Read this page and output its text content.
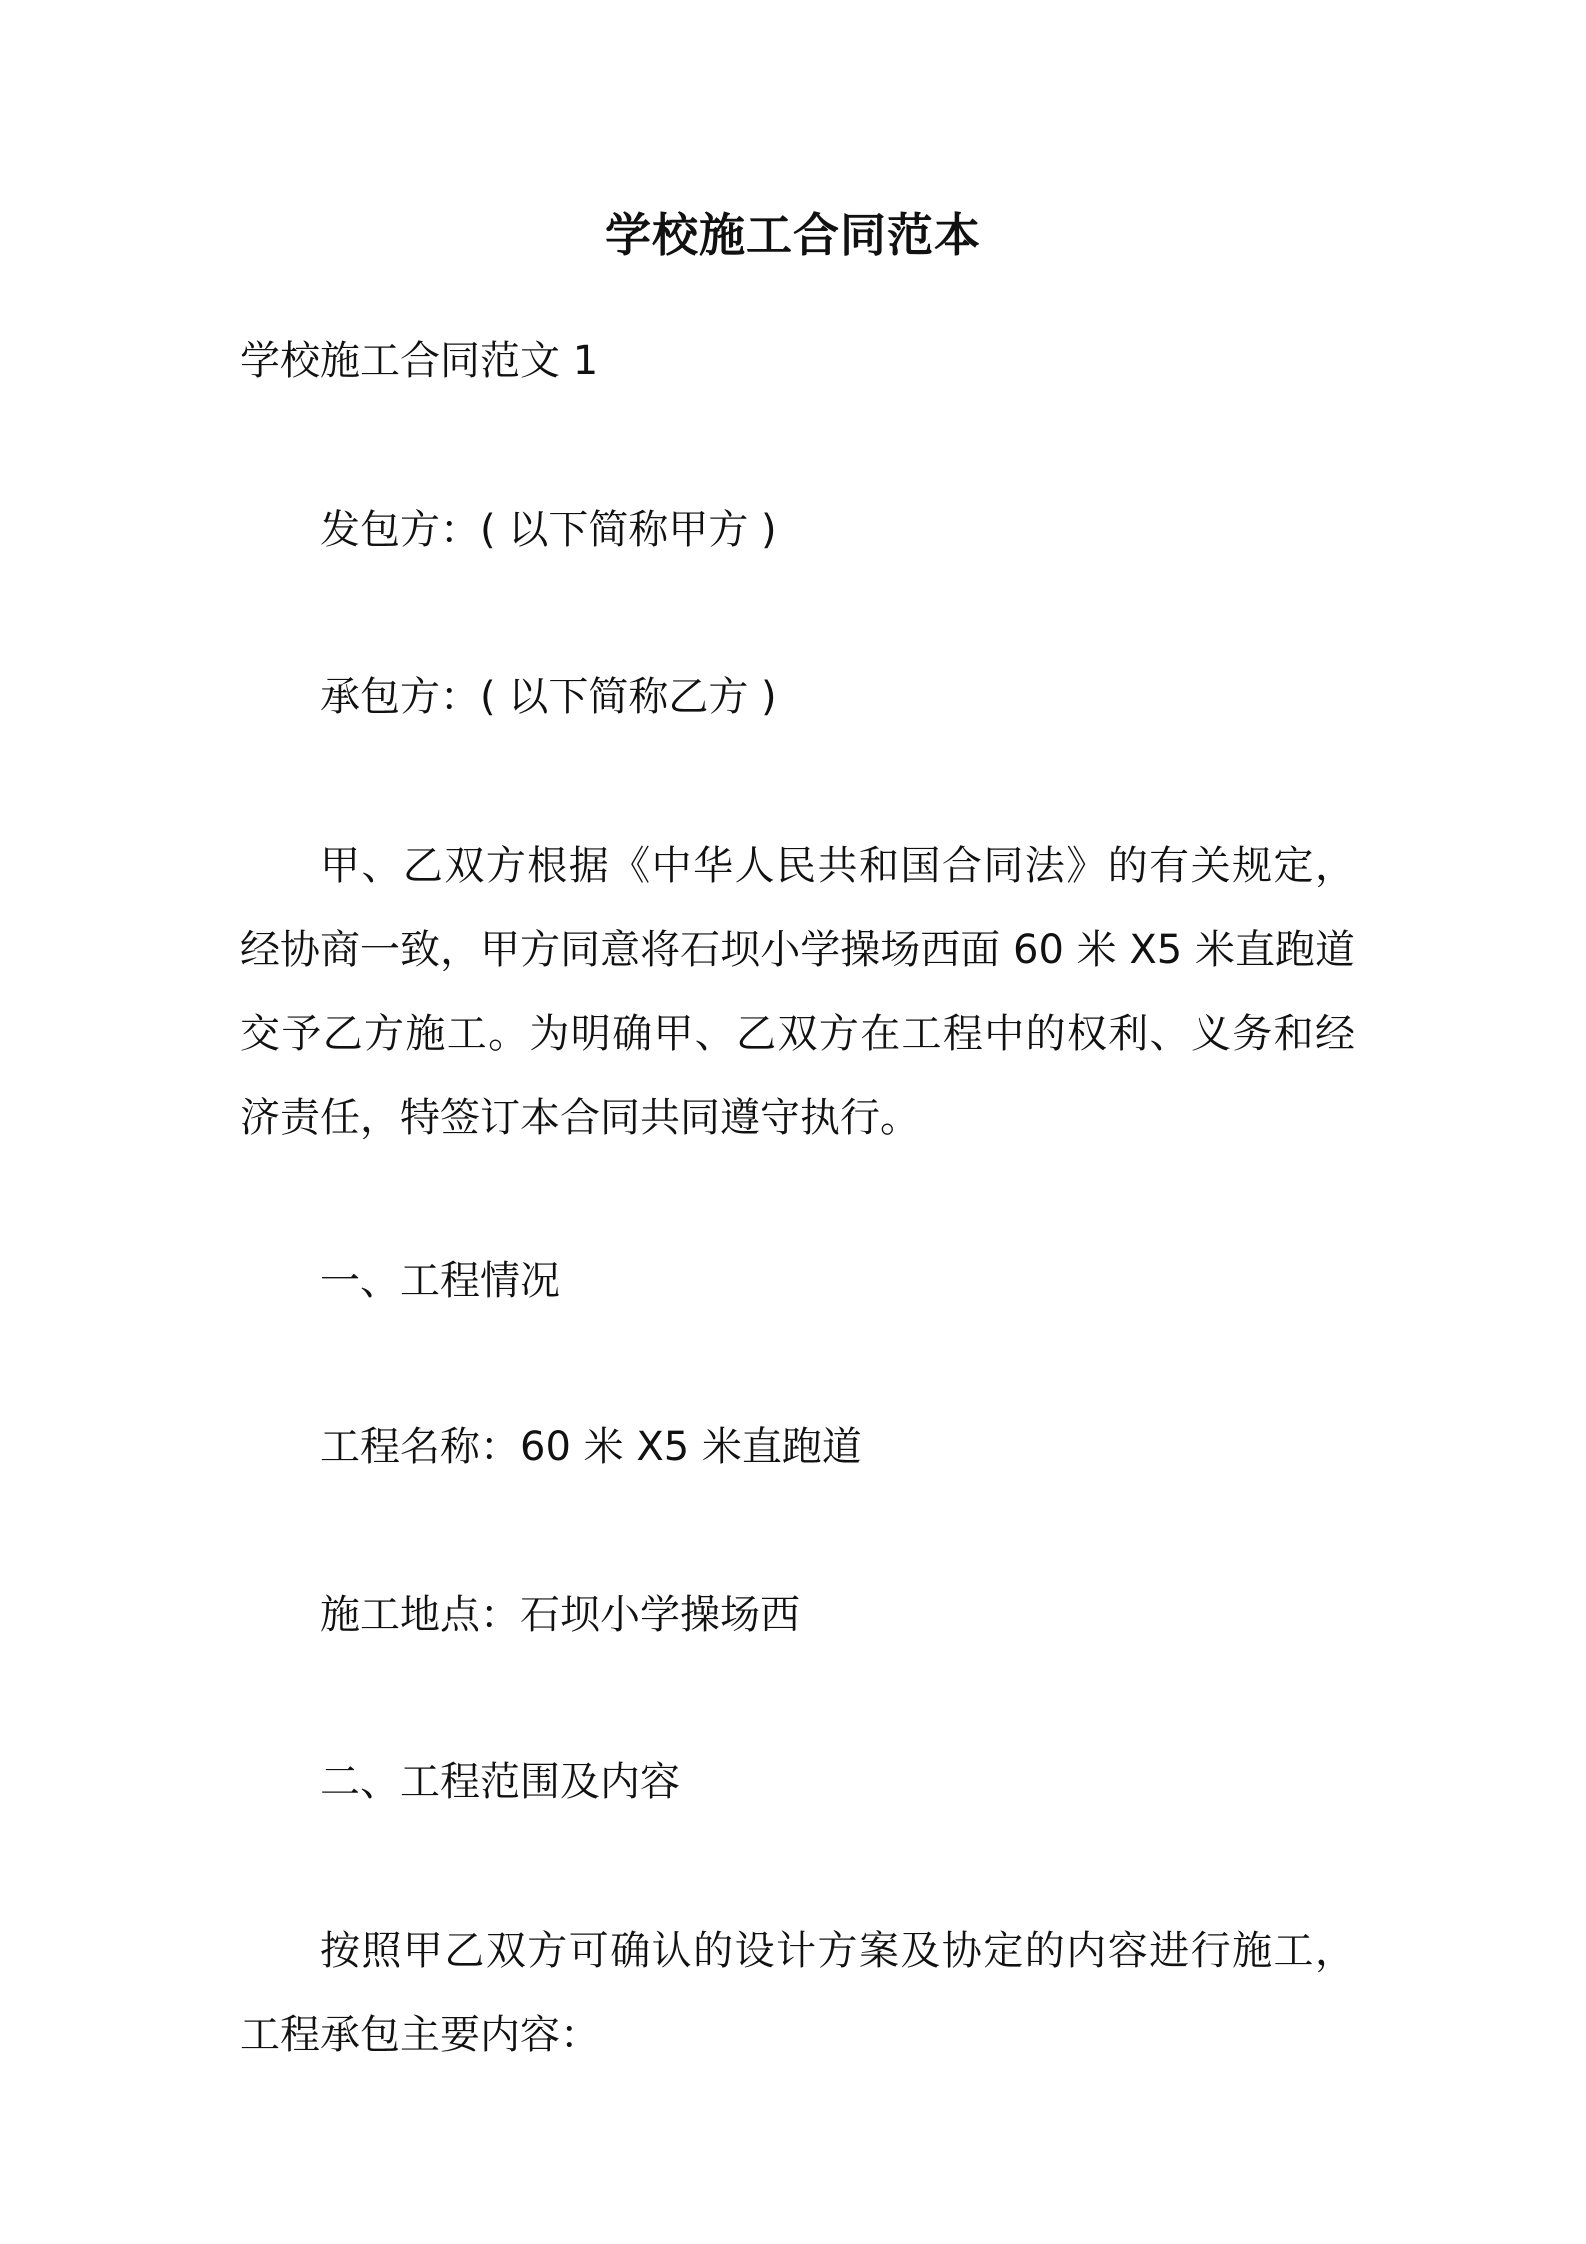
学校施工合同范本
学校施工合同范文 1
发包方：( 以下简称甲方 )
承包方：( 以下简称乙方 )
甲、乙双方根据《中华人民共和国合同法》的有关规定，经协商一致，甲方同意将石坝小学操场西面 60 米 X5 米直跑道交予乙方施工。为明确甲、乙双方在工程中的权利、义务和经济责任，特签订本合同共同遵守执行。
一、工程情况
工程名称：60 米 X5 米直跑道
施工地点：石坝小学操场西
二、工程范围及内容
按照甲乙双方可确认的设计方案及协定的内容进行施工，工程承包主要内容：
